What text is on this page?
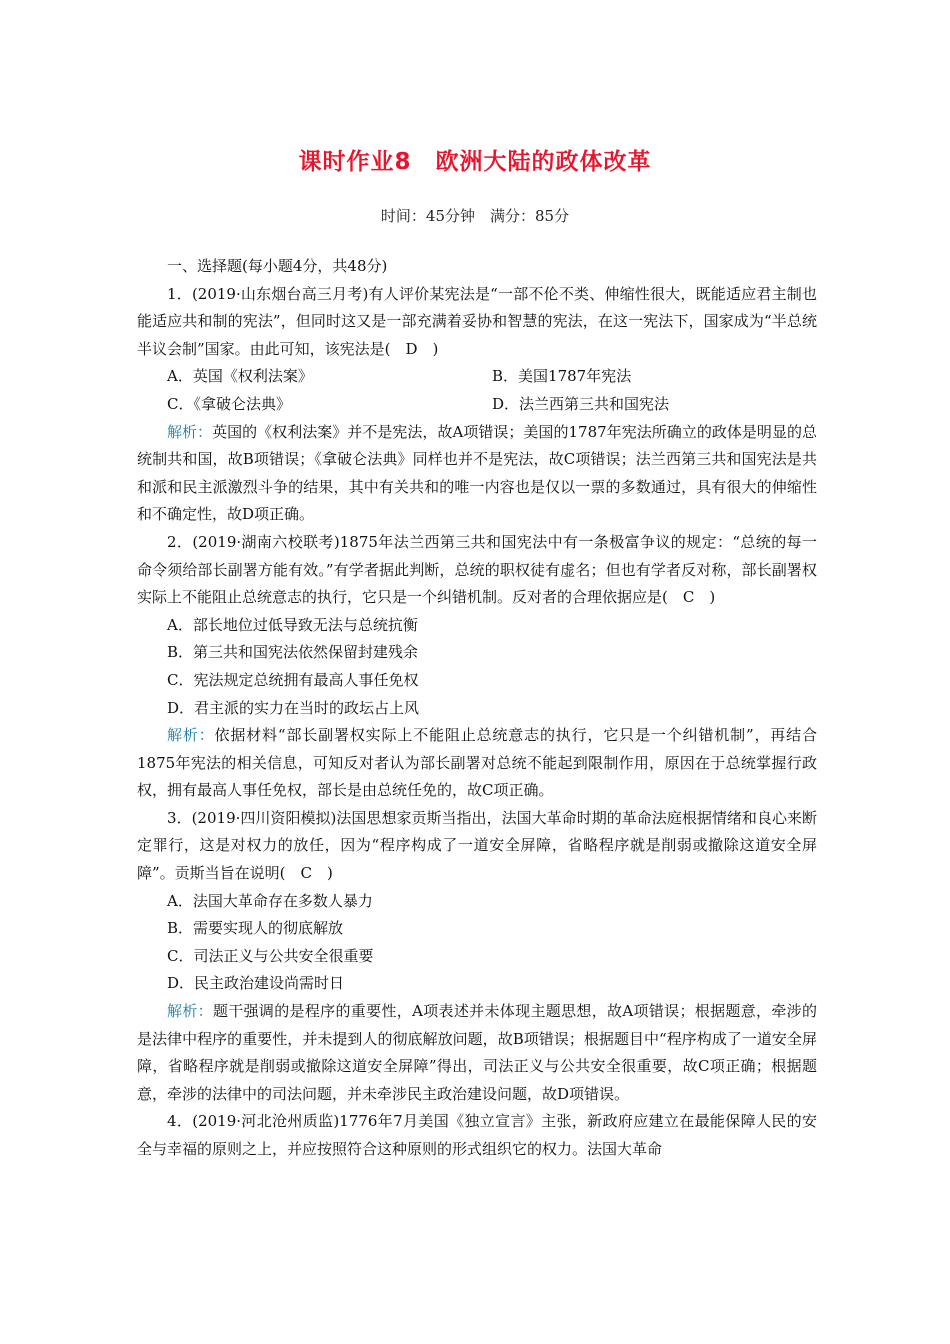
课时作业8　欧洲大陆的政体改革
时间：45分钟　满分：85分

一、选择题(每小题4分，共48分)

1．(2019·山东烟台高三月考)有人评价某宪法是“一部不伦不类、伸缩性很大，既能适应君主制也能适应共和制的宪法”，但同时这又是一部充满着妥协和智慧的宪法，在这一宪法下，国家成为“半总统半议会制”国家。由此可知，该宪法是(　D　)

A．英国《权利法案》	B．美国1787年宪法
C．《拿破仑法典》	D．法兰西第三共和国宪法

解析：英国的《权利法案》并不是宪法，故A项错误；美国的1787年宪法所确立的政体是明显的总统制共和国，故B项错误；《拿破仑法典》同样也并不是宪法，故C项错误；法兰西第三共和国宪法是共和派和民主派激烈斗争的结果，其中有关共和的唯一内容也是仅以一票的多数通过，具有很大的伸缩性和不确定性，故D项正确。

2．(2019·湖南六校联考)1875年法兰西第三共和国宪法中有一条极富争议的规定：“总统的每一命令须给部长副署方能有效。”有学者据此判断，总统的职权徒有虚名；但也有学者反对称，部长副署权实际上不能阻止总统意志的执行，它只是一个纠错机制。反对者的合理依据应是(　C　)

A．部长地位过低导致无法与总统抗衡

B．第三共和国宪法依然保留封建残余

C．宪法规定总统拥有最高人事任免权

D．君主派的实力在当时的政坛占上风

解析：依据材料“部长副署权实际上不能阻止总统意志的执行，它只是一个纠错机制”，再结合1875年宪法的相关信息，可知反对者认为部长副署对总统不能起到限制作用，原因在于总统掌握行政权，拥有最高人事任免权，部长是由总统任免的，故C项正确。

3．(2019·四川资阳模拟)法国思想家贡斯当指出，法国大革命时期的革命法庭根据情绪和良心来断定罪行，这是对权力的放任，因为“程序构成了一道安全屏障，省略程序就是削弱或撤除这道安全屏障”。贡斯当旨在说明(　C　)

A．法国大革命存在多数人暴力

B．需要实现人的彻底解放

C．司法正义与公共安全很重要

D．民主政治建设尚需时日

解析：题干强调的是程序的重要性，A项表述并未体现主题思想，故A项错误；根据题意，牵涉的是法律中程序的重要性，并未提到人的彻底解放问题，故B项错误；根据题目中“程序构成了一道安全屏障，省略程序就是削弱或撤除这道安全屏障”得出，司法正义与公共安全很重要，故C项正确；根据题意，牵涉的法律中的司法问题，并未牵涉民主政治建设问题，故D项错误。

4．(2019·河北沧州质监)1776年7月美国《独立宣言》主张，新政府应建立在最能保障人民的安全与幸福的原则之上，并应按照符合这种原则的形式组织它的权力。法国大革命
